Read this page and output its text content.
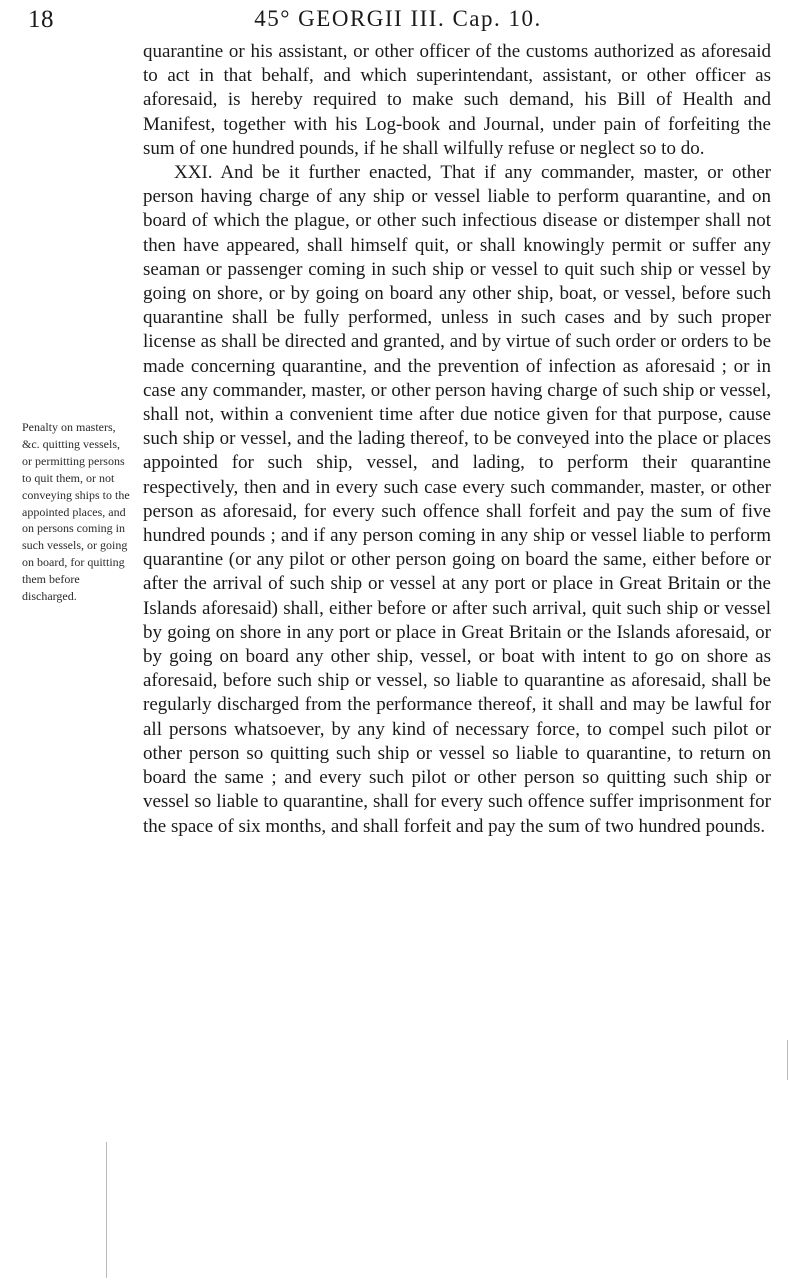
18	45° GEORGII III. Cap. 10.
Penalty on masters, &c. quitting vessels, or permitting persons to quit them, or not conveying ships to the appointed places, and on persons coming in such vessels, or going on board, for quitting them before discharged.

quarantine or his assistant, or other officer of the customs authorized as aforesaid to act in that behalf, and which superintendant, assistant, or other officer as aforesaid, is hereby required to make such demand, his Bill of Health and Manifest, together with his Log-book and Journal, under pain of forfeiting the sum of one hundred pounds, if he shall wilfully refuse or neglect so to do.

XXI. And be it further enacted, That if any commander, master, or other person having charge of any ship or vessel liable to perform quarantine, and on board of which the plague, or other such infectious disease or distemper shall not then have appeared, shall himself quit, or shall knowingly permit or suffer any seaman or passenger coming in such ship or vessel to quit such ship or vessel by going on shore, or by going on board any other ship, boat, or vessel, before such quarantine shall be fully performed, unless in such cases and by such proper license as shall be directed and granted, and by virtue of such order or orders to be made concerning quarantine, and the prevention of infection as aforesaid ; or in case any commander, master, or other person having charge of such ship or vessel, shall not, within a convenient time after due notice given for that purpose, cause such ship or vessel, and the lading thereof, to be conveyed into the place or places appointed for such ship, vessel, and lading, to perform their quarantine respectively, then and in every such case every such commander, master, or other person as aforesaid, for every such offence shall forfeit and pay the sum of five hundred pounds ; and if any person coming in any ship or vessel liable to perform quarantine (or any pilot or other person going on board the same, either before or after the arrival of such ship or vessel at any port or place in Great Britain or the Islands aforesaid) shall, either before or after such arrival, quit such ship or vessel by going on shore in any port or place in Great Britain or the Islands aforesaid, or by going on board any other ship, vessel, or boat with intent to go on shore as aforesaid, before such ship or vessel, so liable to quarantine as aforesaid, shall be regularly discharged from the performance thereof, it shall and may be lawful for all persons whatsoever, by any kind of necessary force, to compel such pilot or other person so quitting such ship or vessel so liable to quarantine, to return on board the same ; and every such pilot or other person so quitting such ship or vessel so liable to quarantine, shall for every such offence suffer imprisonment for the space of six months, and shall forfeit and pay the sum of two hundred pounds.
